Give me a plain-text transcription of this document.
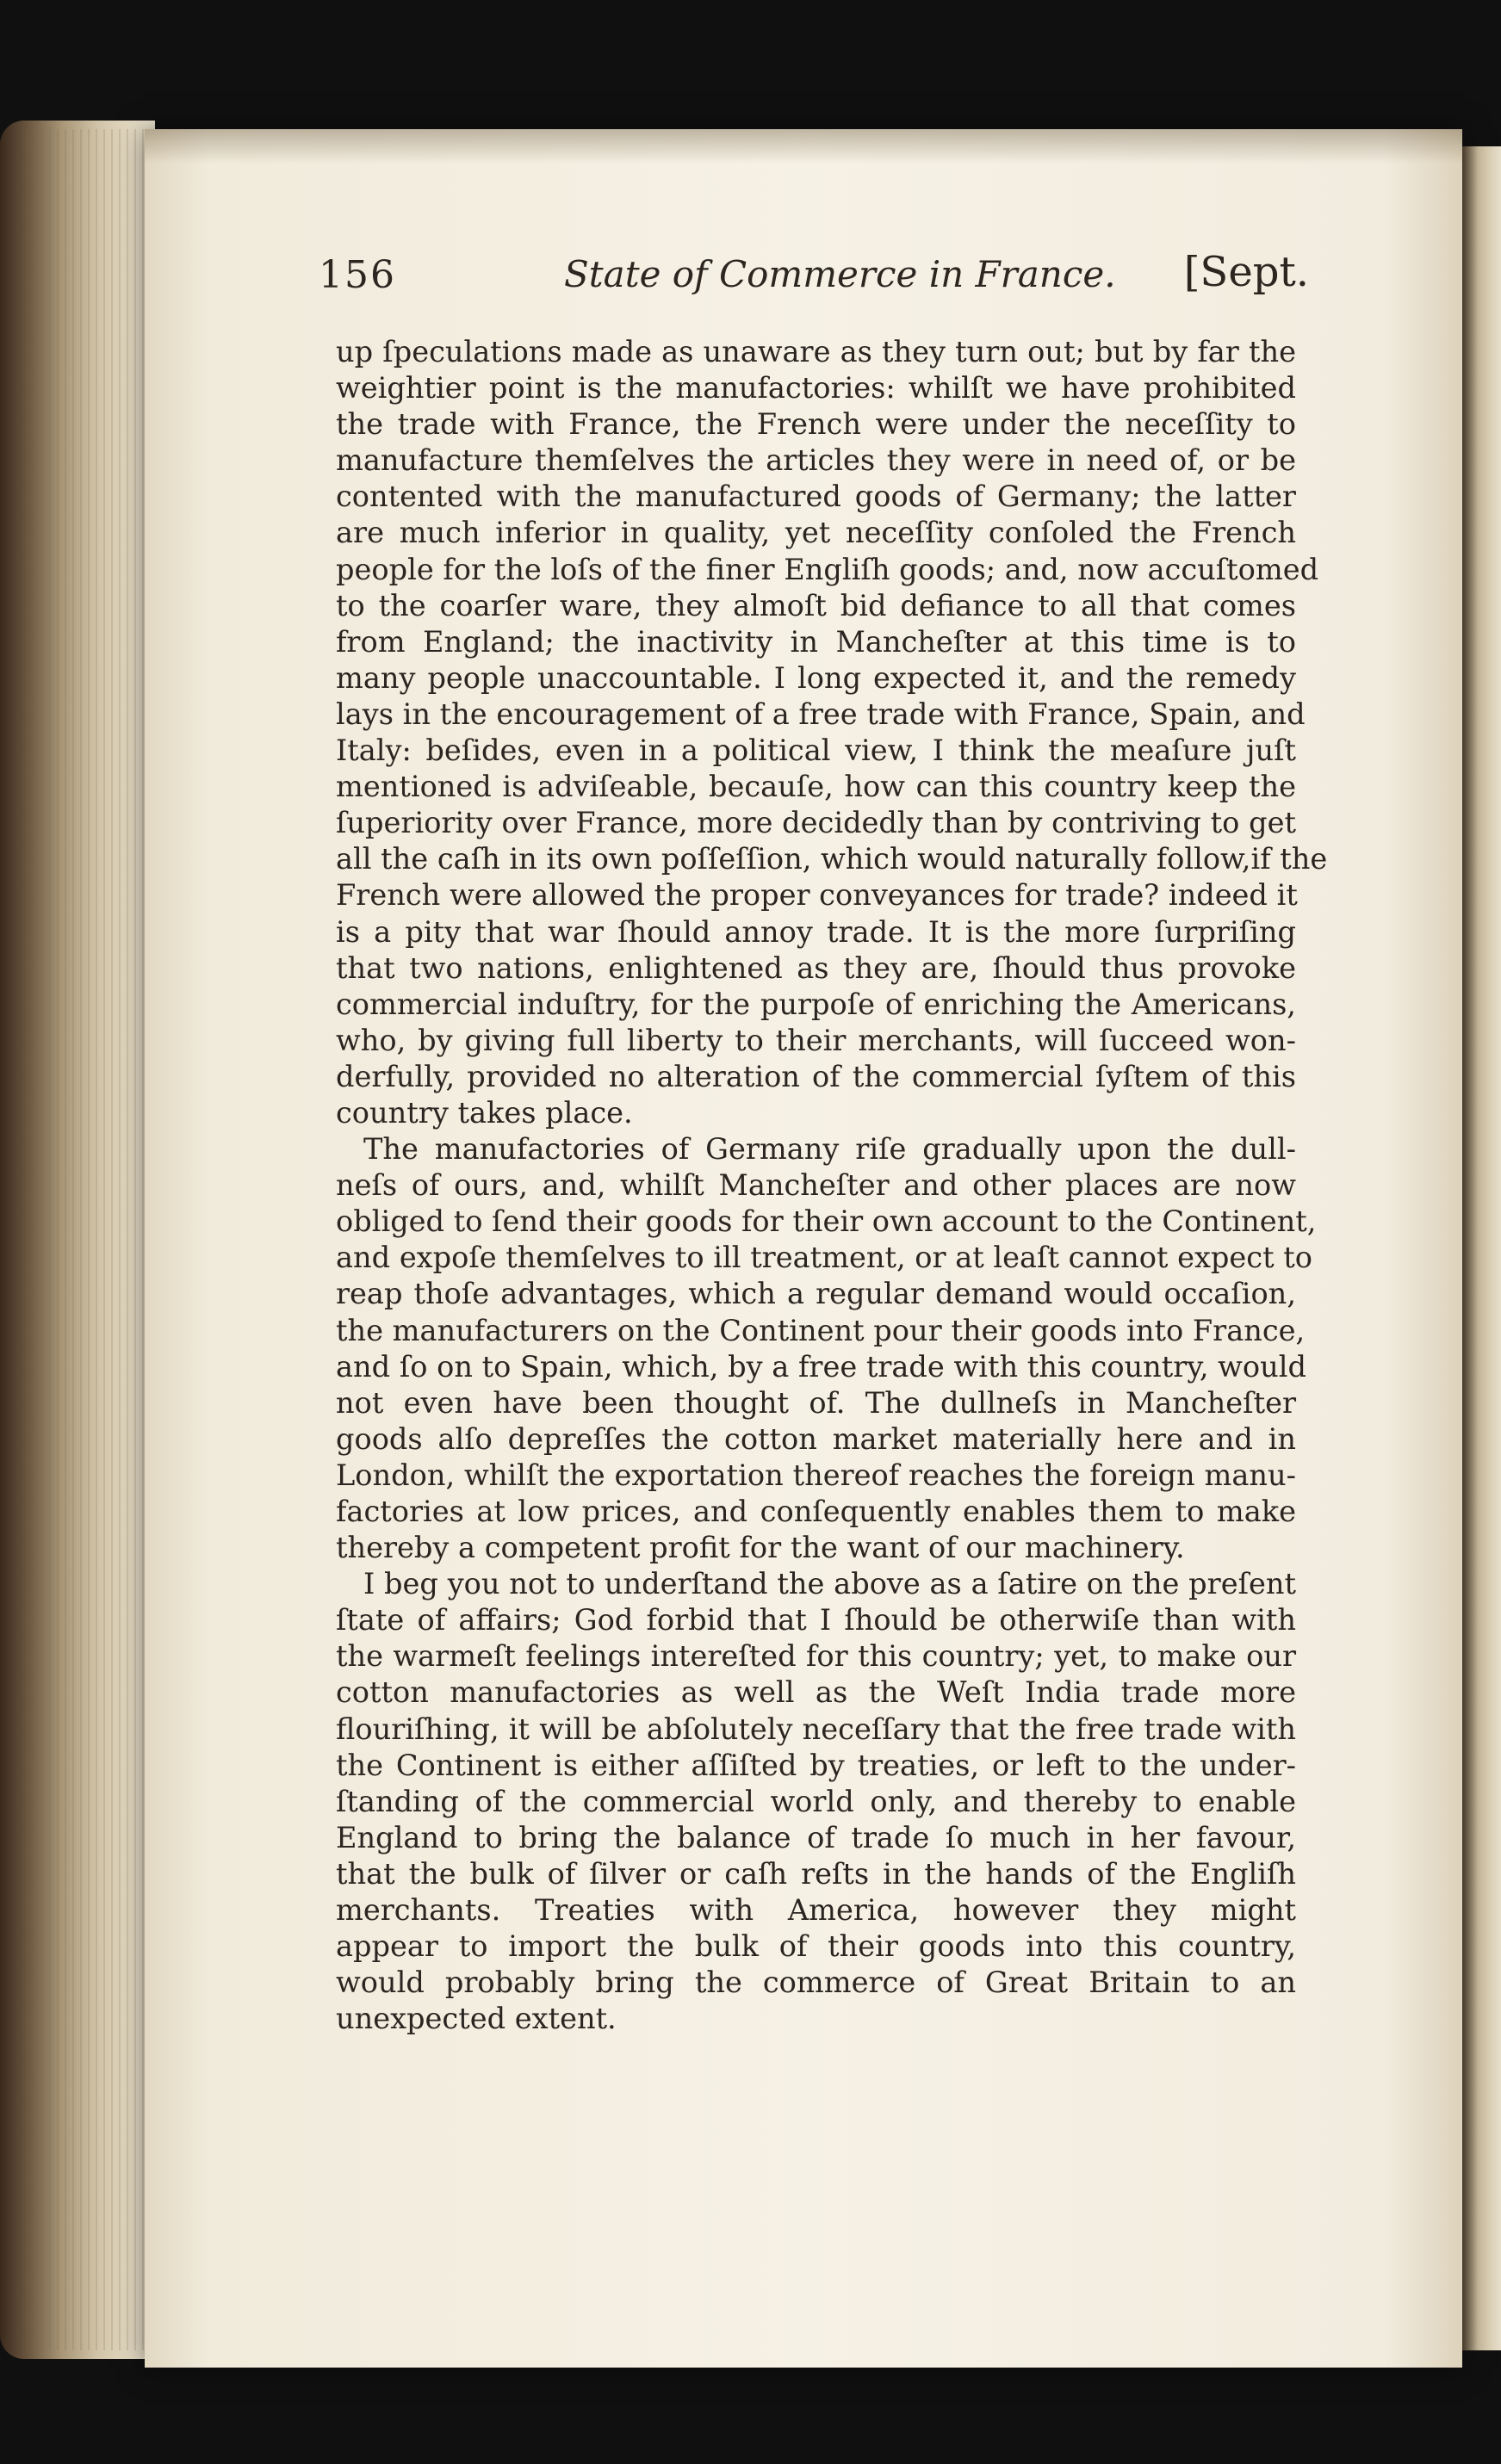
156	State of Commerce in France. [Sept.
up ſpeculations made as unaware as they turn out; but by far the
weightier point is the manufactories: whilſt we have prohibited
the trade with France, the French were under the neceſſity to
manufacture themſelves the articles they were in need of, or be
contented with the manufactured goods of Germany; the latter
are much inferior in quality, yet neceſſity conſoled the French
people for the loſs of the finer Engliſh goods; and, now accuſtomed
to the coarſer ware, they almoſt bid defiance to all that comes
from England; the inactivity in Mancheſter at this time is to
many people unaccountable. I long expected it, and the remedy
lays in the encouragement of a free trade with France, Spain, and
Italy: beſides, even in a political view, I think the meaſure juſt
mentioned is adviſeable, becauſe, how can this country keep the
ſuperiority over France, more decidedly than by contriving to get
all the caſh in its own poſſeſſion, which would naturally follow,if the
French were allowed the proper conveyances for trade? indeed it
is a pity that war ſhould annoy trade. It is the more ſurpriſing
that two nations, enlightened as they are, ſhould thus provoke
commercial induſtry, for the purpoſe of enriching the Americans,
who, by giving full liberty to their merchants, will ſucceed won-
derfully, provided no alteration of the commercial ſyſtem of this
country takes place.
The manufactories of Germany riſe gradually upon the dull-
neſs of ours, and, whilſt Mancheſter and other places are now
obliged to ſend their goods for their own account to the Continent,
and expoſe themſelves to ill treatment, or at leaſt cannot expect to
reap thoſe advantages, which a regular demand would occaſion,
the manufacturers on the Continent pour their goods into France,
and ſo on to Spain, which, by a free trade with this country, would
not even have been thought of. The dullneſs in Mancheſter
goods alſo depreſſes the cotton market materially here and in
London, whilſt the exportation thereof reaches the foreign manu-
factories at low prices, and conſequently enables them to make
thereby a competent profit for the want of our machinery.
I beg you not to underſtand the above as a ſatire on the preſent
ſtate of affairs; God forbid that I ſhould be otherwiſe than with
the warmeſt feelings intereſted for this country; yet, to make our
cotton manufactories as well as the Weſt India trade more
flouriſhing, it will be abſolutely neceſſary that the free trade with
the Continent is either aſſiſted by treaties, or left to the under-
ſtanding of the commercial world only, and thereby to enable
England to bring the balance of trade ſo much in her favour,
that the bulk of ſilver or caſh reſts in the hands of the Engliſh
merchants. Treaties with America, however they might
appear to import the bulk of their goods into this country,
would probably bring the commerce of Great Britain to an
unexpected extent.
